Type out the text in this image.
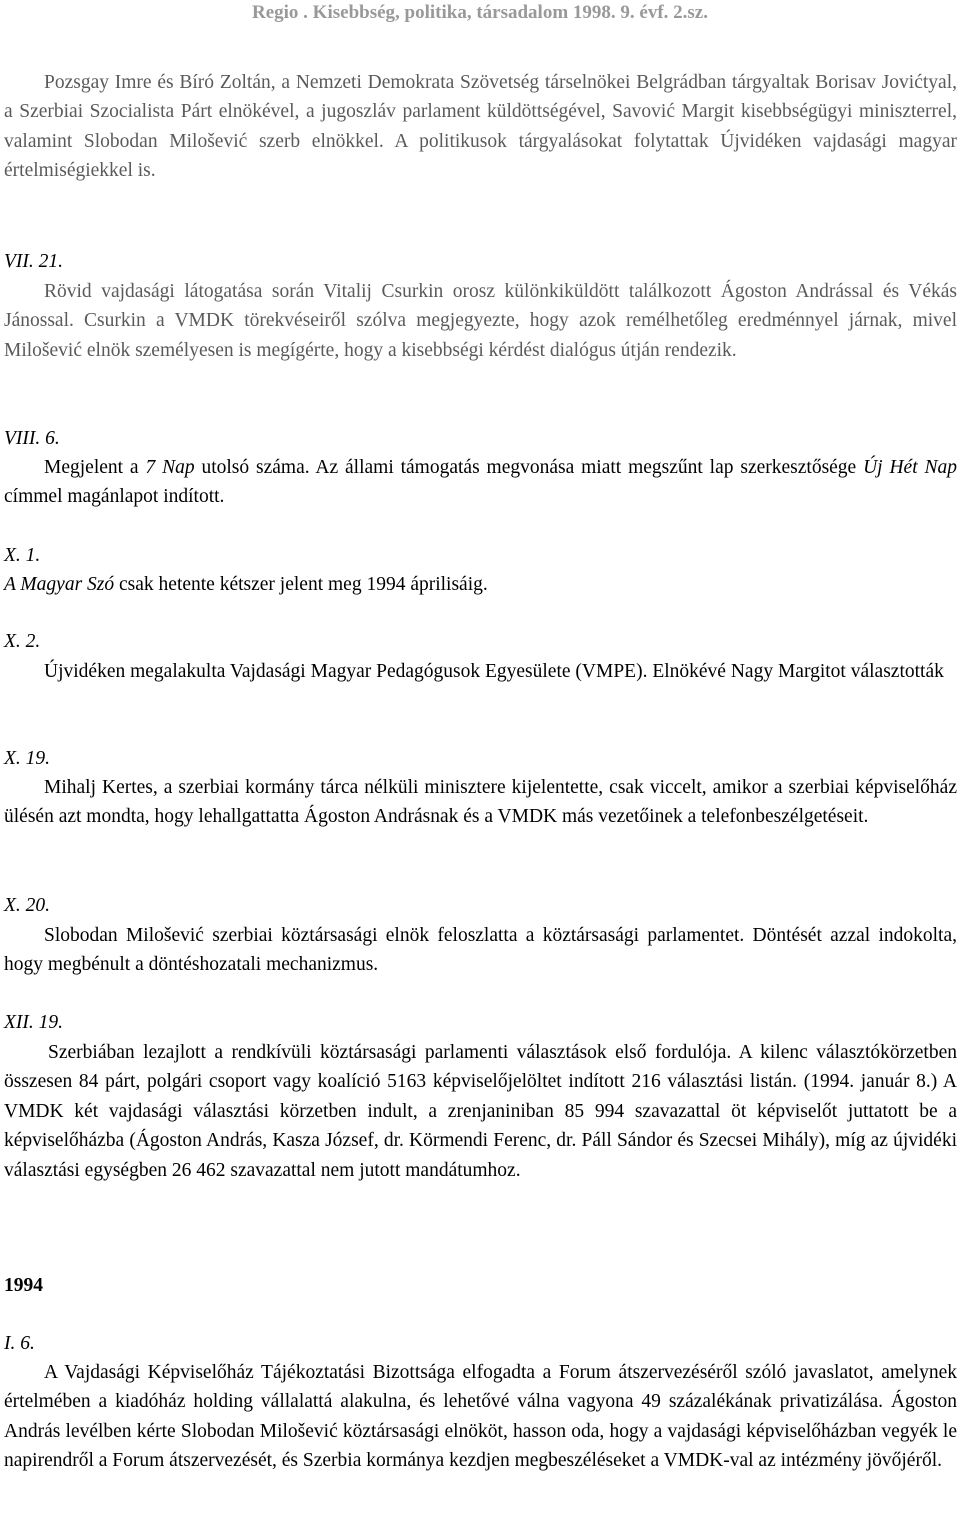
Regio . Kisebbség, politika, társadalom 1998. 9. évf. 2.sz.
Pozsgay Imre és Bíró Zoltán, a Nemzeti Demokrata Szövetség társelnökei Belgrádban tárgyaltak Borisav Jovićtyal, a Szerbiai Szocialista Párt elnökével, a jugoszláv parlament küldöttségével, Savović Margit kisebbségügyi miniszterrel, valamint Slobodan Milošević szerb elnökkel. A politikusok tárgyalásokat folytattak Újvidéken vajdasági magyar értelmiségiekkel is.
VII. 21.
Rövid vajdasági látogatása során Vitalij Csurkin orosz különkiküldött találkozott Ágoston Andrással és Vékás Jánossal. Csurkin a VMDK törekvéseiről szólva megjegyezte, hogy azok remélhetőleg eredménnyel járnak, mivel Milošević elnök személyesen is megígérte, hogy a kisebbségi kérdést dialógus útján rendezik.
VIII. 6.
Megjelent a 7 Nap utolsó száma. Az állami támogatás megvonása miatt megszűnt lap szerkesztősége Új Hét Nap címmel magánlapot indított.
X. 1.
A Magyar Szó csak hetente kétszer jelent meg 1994 áprilisáig.
X. 2.
Újvidéken megalakulta Vajdasági Magyar Pedagógusok Egyesülete (VMPE). Elnökévé Nagy Margitot választották
X. 19.
Mihalj Kertes, a szerbiai kormány tárca nélküli minisztere kijelentette, csak viccelt, amikor a szerbiai képviselőház ülésén azt mondta, hogy lehallgattatta Ágoston Andrásnak és a VMDK más vezetőinek a telefonbeszélgetéseit.
X. 20.
Slobodan Milošević szerbiai köztársasági elnök feloszlatta a köztársasági parlamentet. Döntését azzal indokolta, hogy megbénult a döntéshozatali mechanizmus.
XII. 19.
Szerbiában lezajlott a rendkívüli köztársasági parlamenti választások első fordulója. A kilenc választókörzetben összesen 84 párt, polgári csoport vagy koalíció 5163 képviselőjelöltet indított 216 választási listán. (1994. január 8.) A VMDK két vajdasági választási körzetben indult, a zrenjaniniban 85 994 szavazattal öt képviselőt juttatott be a képviselőházba (Ágoston András, Kasza József, dr. Körmendi Ferenc, dr. Páll Sándor és Szecsei Mihály), míg az újvidéki választási egységben 26 462 szavazattal nem jutott mandátumhoz.
1994
I. 6.
A Vajdasági Képviselőház Tájékoztatási Bizottsága elfogadta a Forum átszervezéséről szóló javaslatot, amelynek értelmében a kiadóház holding vállalattá alakulna, és lehetővé válna vagyona 49 százalékának privatizálása. Ágoston András levélben kérte Slobodan Milošević köztársasági elnököt, hasson oda, hogy a vajdasági képviselőházban vegyék le napirendről a Forum átszervezését, és Szerbia kormánya kezdjen megbeszéléseket a VMDK-val az intézmény jövőjéről.
